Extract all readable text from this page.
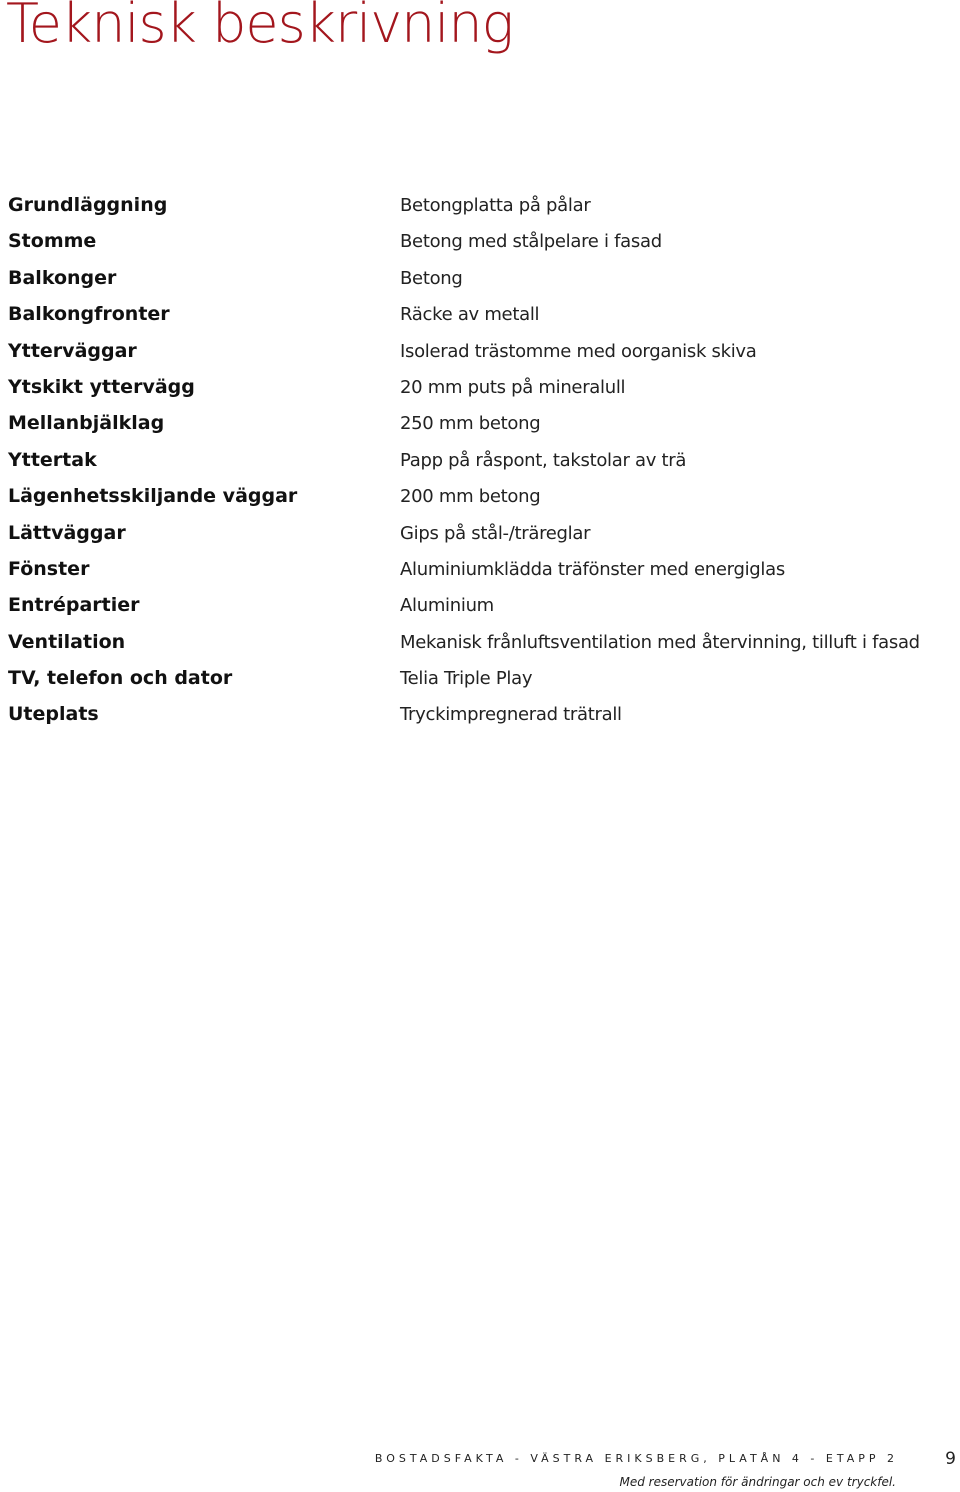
Teknisk beskrivning
Grundläggning	Betongplatta på pålar
Stomme	Betong med stålpelare i fasad
Balkonger	Betong
Balkongfronter	Räcke av metall
Ytterväggar	Isolerad trästomme med oorganisk skiva
Ytskikt yttervägg	20 mm puts på mineralull
Mellanbjälklag	250 mm betong
Yttertak	Papp på råspont, takstolar av trä
Lägenhetsskiljande väggar	200 mm betong
Lättväggar	Gips på stål-/träreglar
Fönster	Aluminiumklädda träfönster med energiglas
Entrépartier	Aluminium
Ventilation	Mekanisk frånluftsventilation med återvinning, tilluft i fasad
TV, telefon och dator	Telia Triple Play
Uteplats	Tryckimpregnerad trätrall
BOSTADSFAKTA - VÄSTRA ERIKSBERG, PLATÅN 4 - ETAPP 2
Med reservation för ändringar och ev tryckfel.
9
